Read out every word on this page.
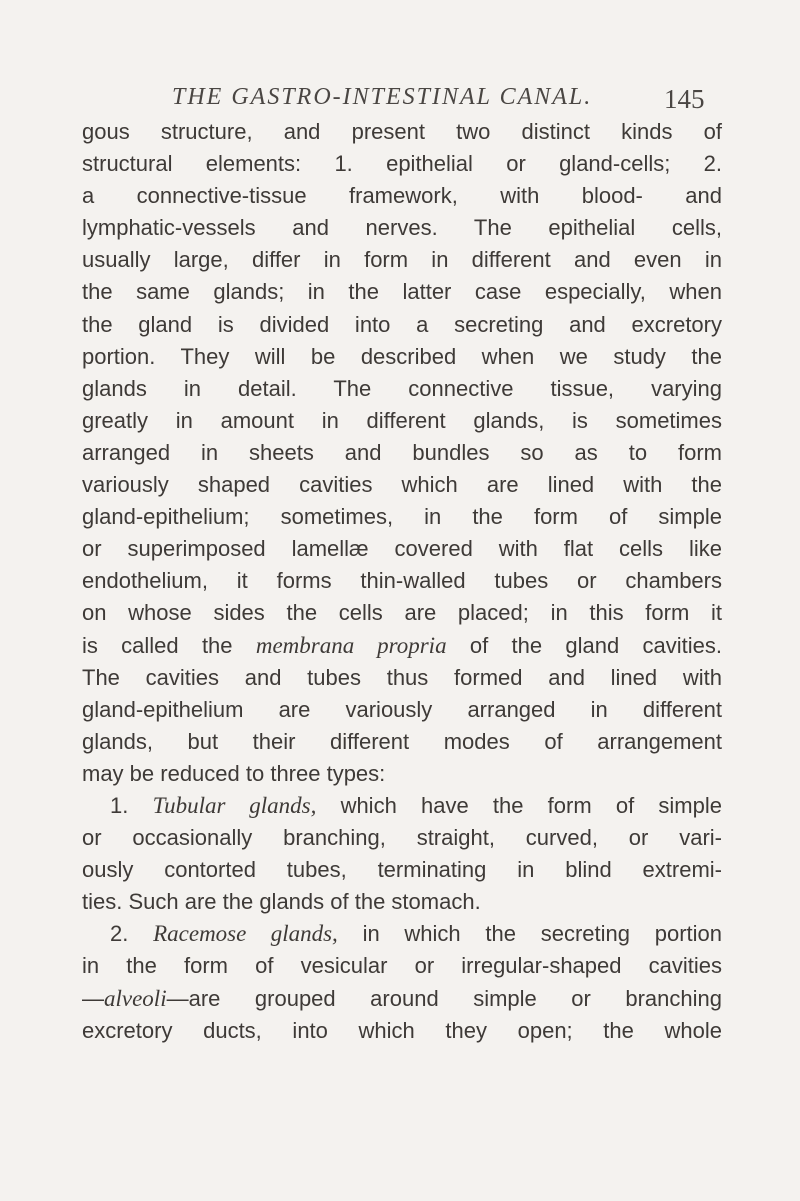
THE GASTRO-INTESTINAL CANAL.	145
gous structure, and present two distinct kinds of
structural elements: 1. epithelial or gland-cells; 2.
a connective-tissue framework, with blood- and
lymphatic-vessels and nerves. The epithelial cells,
usually large, differ in form in different and even in
the same glands; in the latter case especially, when
the gland is divided into a secreting and excretory
portion. They will be described when we study the
glands in detail. The connective tissue, varying
greatly in amount in different glands, is sometimes
arranged in sheets and bundles so as to form
variously shaped cavities which are lined with the
gland-epithelium; sometimes, in the form of simple
or superimposed lamellæ covered with flat cells like
endothelium, it forms thin-walled tubes or chambers
on whose sides the cells are placed; in this form it
is called the membrana propria of the gland cavities.
The cavities and tubes thus formed and lined with
gland-epithelium are variously arranged in different
glands, but their different modes of arrangement
may be reduced to three types:
1. Tubular glands, which have the form of simple
or occasionally branching, straight, curved, or vari-
ously contorted tubes, terminating in blind extremi-
ties. Such are the glands of the stomach.
2. Racemose glands, in which the secreting portion
in the form of vesicular or irregular-shaped cavities
—alveoli—are grouped around simple or branching
excretory ducts, into which they open; the whole
